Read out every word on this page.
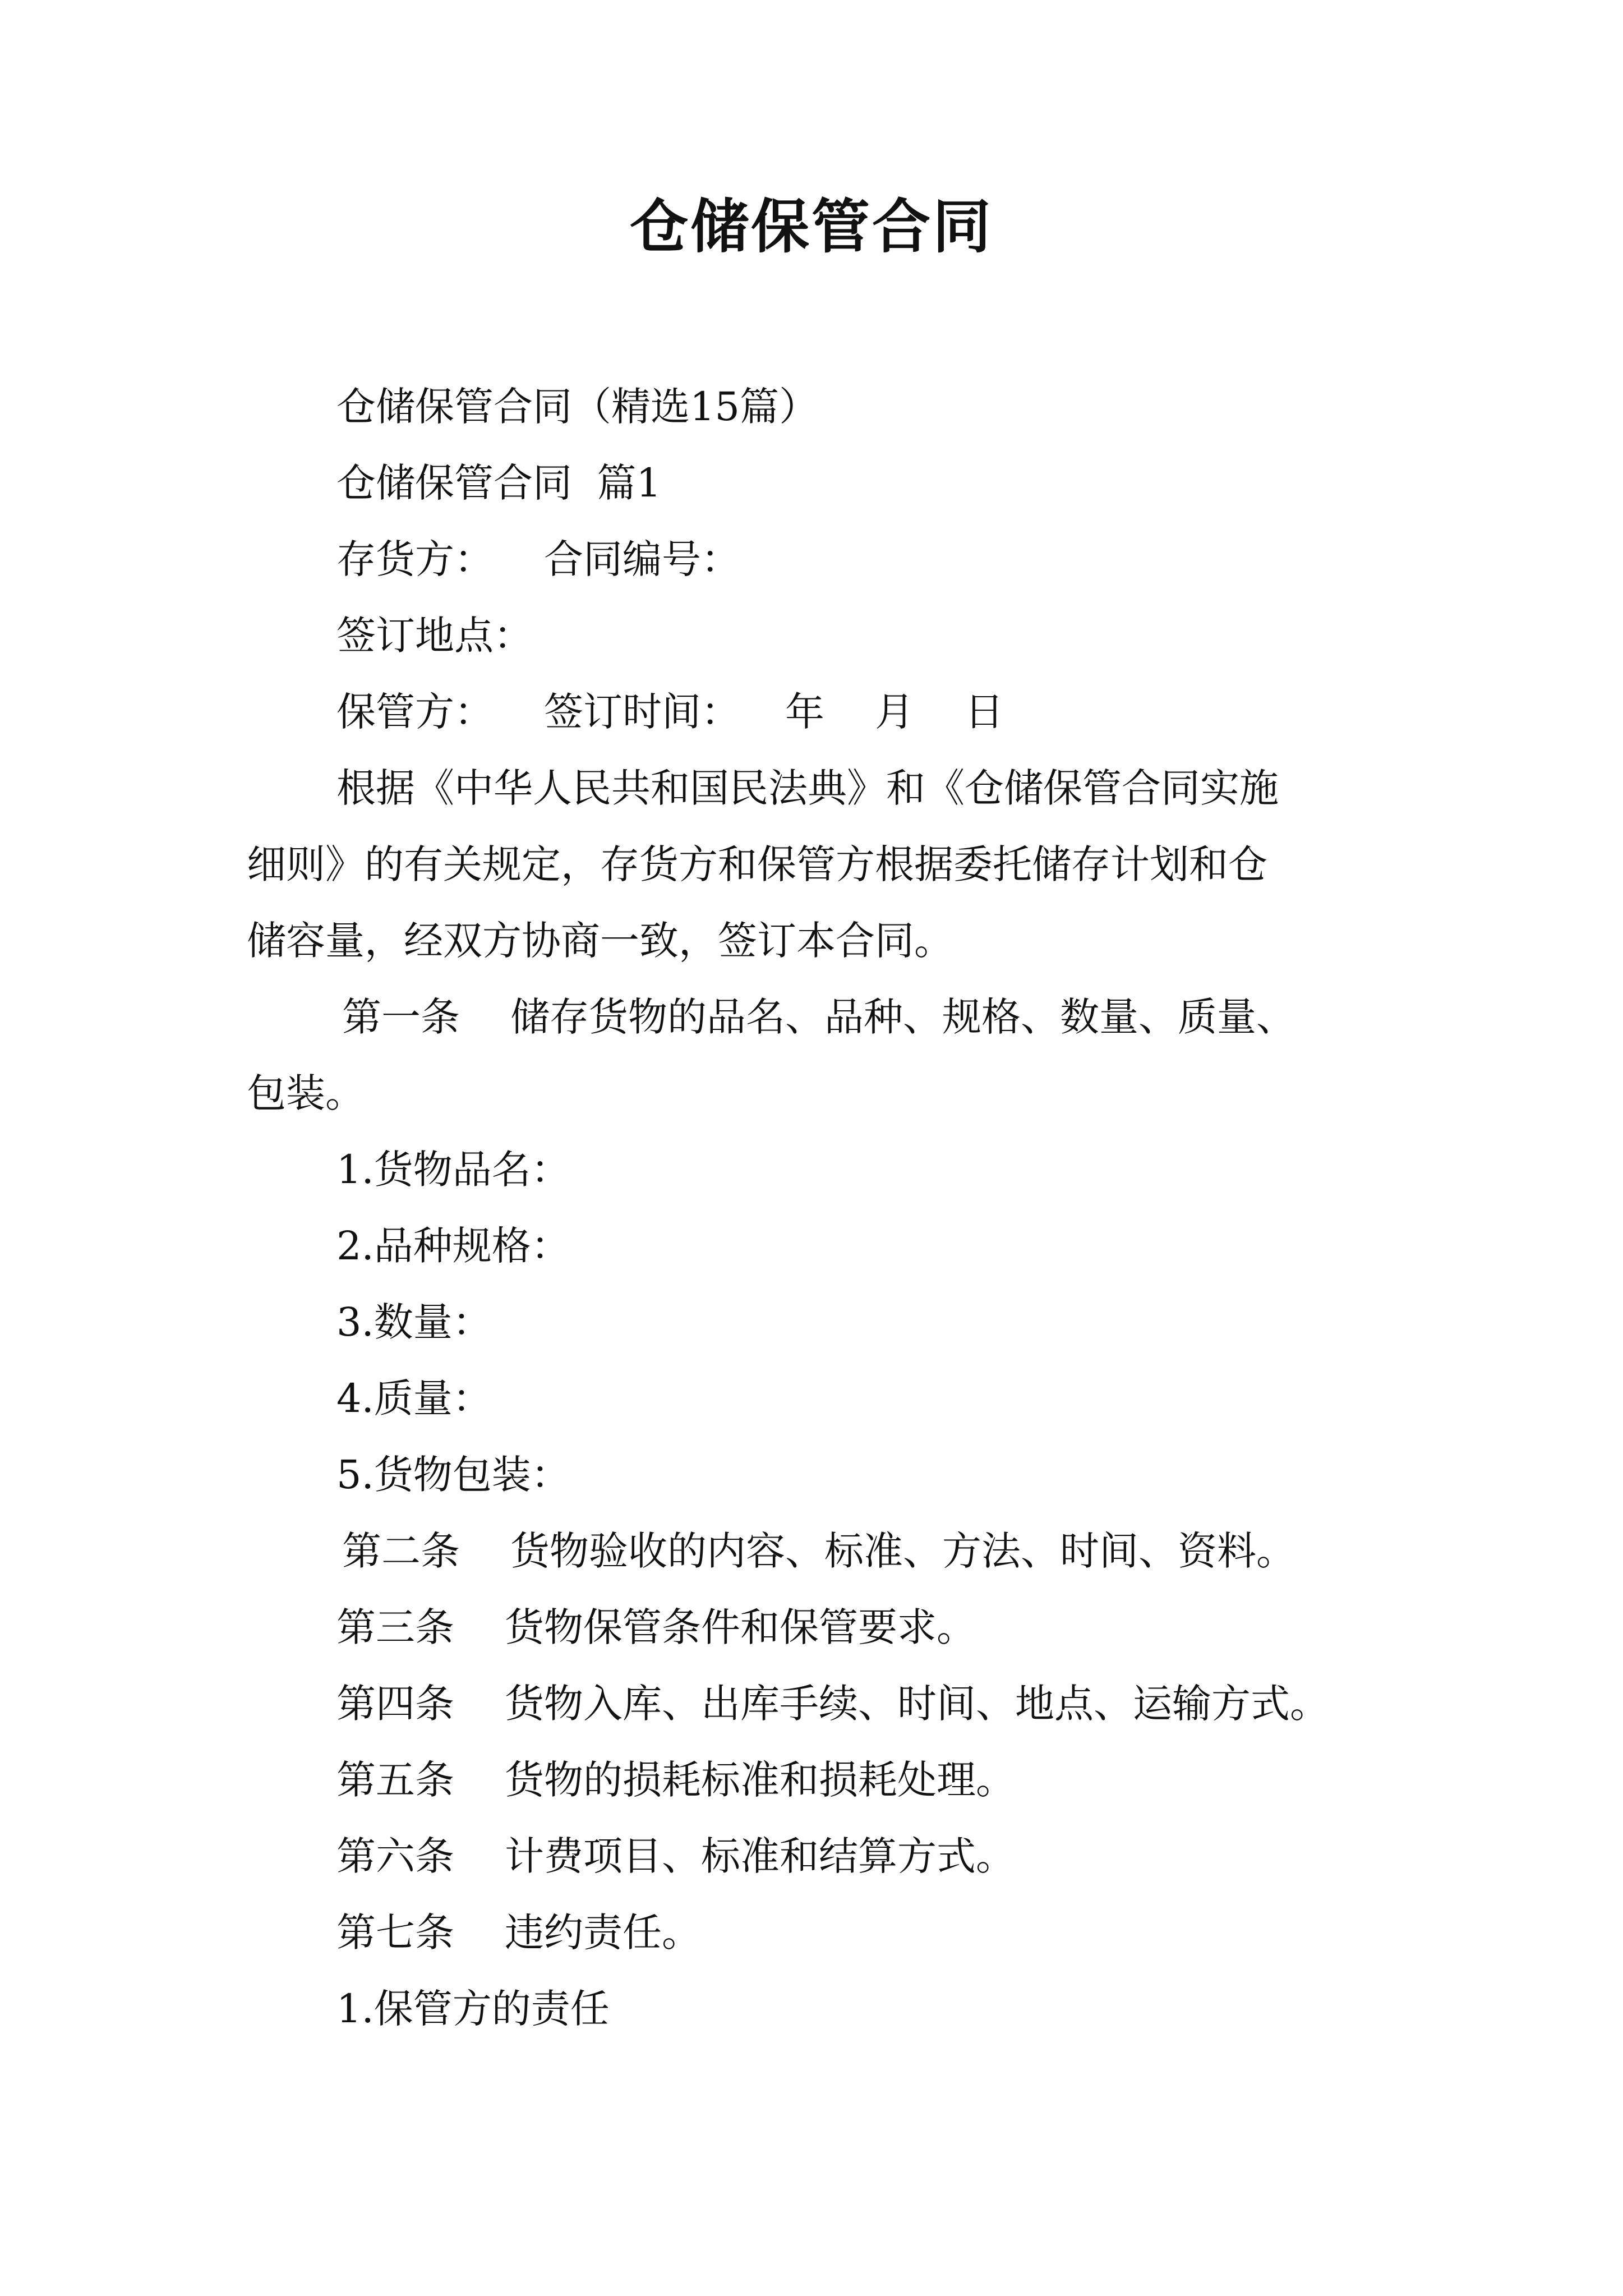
仓储保管合同

仓储保管合同（精选15篇）

仓储保管合同  篇1

存货方： 合同编号：

签订地点：

保管方： 签订时间： 年 月 日

根据《中华人民共和国民法典》和《仓储保管合同实施

细则》的有关规定，存货方和保管方根据委托储存计划和仓

储容量，经双方协商一致，签订本合同。

第一条 储存货物的品名、品种、规格、数量、质量、

包装。

1.货物品名：

2.品种规格：

3.数量：

4.质量：

5.货物包装：

第二条 货物验收的内容、标准、方法、时间、资料。

第三条 货物保管条件和保管要求。

第四条 货物入库、出库手续、时间、地点、运输方式。

第五条 货物的损耗标准和损耗处理。

第六条 计费项目、标准和结算方式。

第七条 违约责任。

1.保管方的责任
